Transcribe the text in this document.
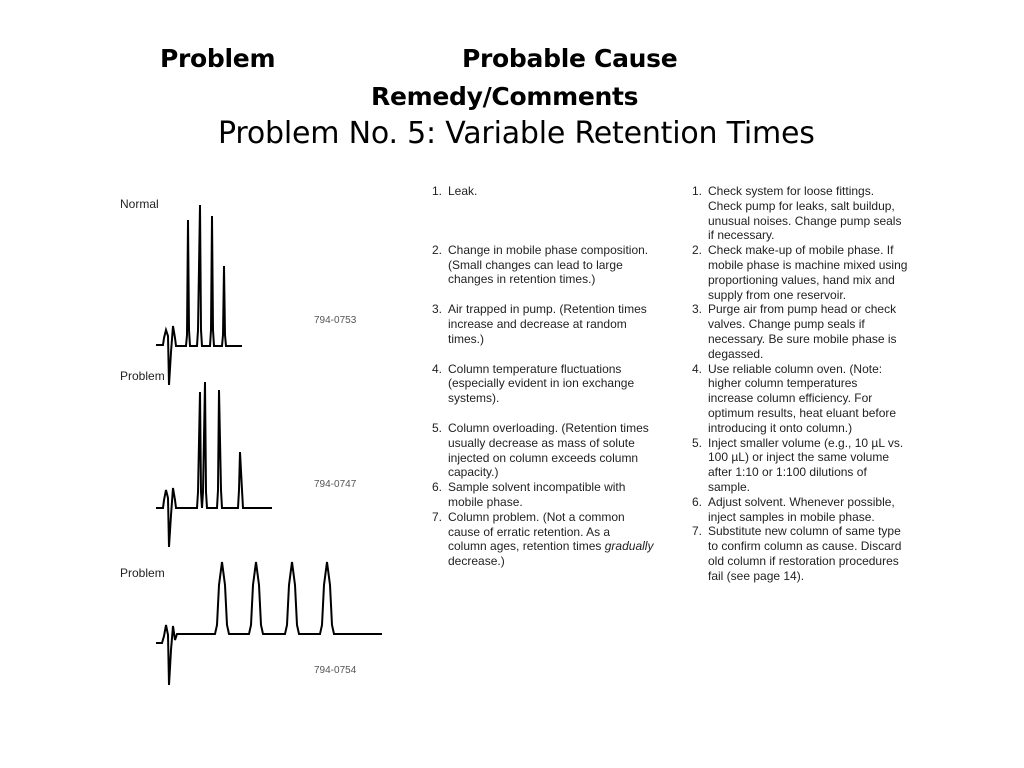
Problem	Probable Cause
Remedy/Comments
Problem No. 5: Variable Retention Times
Normal
794-0753
Problem
794-0747
Problem
794-0754
1. Leak.
2. Change in mobile phase composition.
(Small changes can lead to large
changes in retention times.)
3. Air trapped in pump. (Retention times
increase and decrease at random
times.)
4. Column temperature fluctuations
(especially evident in ion exchange
systems).
5. Column overloading. (Retention times
usually decrease as mass of solute
injected on column exceeds column
capacity.)
6. Sample solvent incompatible with
mobile phase.
7. Column problem. (Not a common
cause of erratic retention. As a
column ages, retention times gradually
decrease.)
1. Check system for loose fittings.
Check pump for leaks, salt buildup,
unusual noises. Change pump seals
if necessary.
2. Check make-up of mobile phase. If
mobile phase is machine mixed using
proportioning values, hand mix and
supply from one reservoir.
3. Purge air from pump head or check
valves. Change pump seals if
necessary. Be sure mobile phase is
degassed.
4. Use reliable column oven. (Note:
higher column temperatures
increase column efficiency. For
optimum results, heat eluant before
introducing it onto column.)
5. Inject smaller volume (e.g., 10 µL vs.
100 µL) or inject the same volume
after 1:10 or 1:100 dilutions of
sample.
6. Adjust solvent. Whenever possible,
inject samples in mobile phase.
7. Substitute new column of same type
to confirm column as cause. Discard
old column if restoration procedures
fail (see page 14).
